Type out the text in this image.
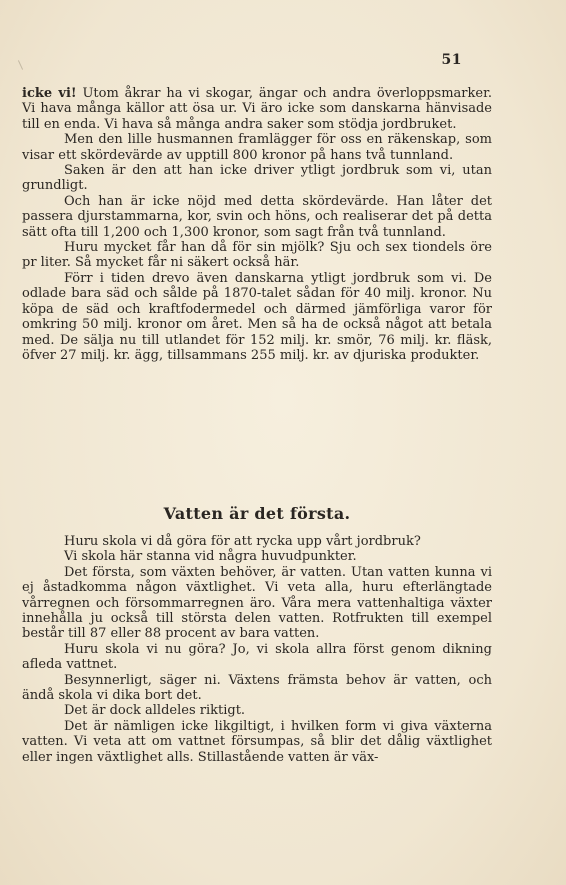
51

icke vi! Utom åkrar ha vi skogar, ängar och andra överloppsmarker. Vi hava många källor att ösa ur. Vi äro icke som danskarna hänvisade till en enda. Vi hava så många andra saker som stödja jordbruket.

Men den lille husmannen framlägger för oss en räkenskap, som visar ett skördevärde av upptill 800 kronor på hans två tunnland.

Saken är den att han icke driver ytligt jordbruk som vi, utan grundligt.

Och han är icke nöjd med detta skördevärde. Han låter det passera djurstammarna, kor, svin och höns, och realiserar det på detta sätt ofta till 1,200 och 1,300 kronor, som sagt från två tunnland.

Huru mycket får han då för sin mjölk? Sju och sex tiondels öre pr liter. Så mycket får ni säkert också här.

Förr i tiden drevo även danskarna ytligt jordbruk som vi. De odlade bara säd och sålde på 1870-talet sådan för 40 milj. kronor. Nu köpa de säd och kraftfodermedel och därmed jämförliga varor för omkring 50 milj. kronor om året. Men så ha de också något att betala med. De sälja nu till utlandet för 152 milj. kr. smör, 76 milj. kr. fläsk, öfver 27 milj. kr. ägg, tillsammans 255 milj. kr. av djuriska produkter.

Vatten är det första.

Huru skola vi då göra för att rycka upp vårt jordbruk?

Vi skola här stanna vid några huvudpunkter.

Det första, som växten behöver, är vatten. Utan vatten kunna vi ej åstadkomma någon växtlighet. Vi veta alla, huru efterlängtade vårregnen och försommarregnen äro. Våra mera vattenhaltiga växter innehålla ju också till största delen vatten. Rotfrukten till exempel består till 87 eller 88 procent av bara vatten.

Huru skola vi nu göra? Jo, vi skola allra först genom dikning afleda vattnet.

Besynnerligt, säger ni. Växtens främsta behov är vatten, och ändå skola vi dika bort det.

Det är dock alldeles riktigt.

Det är nämligen icke likgiltigt, i hvilken form vi giva växterna vatten. Vi veta att om vattnet försumpas, så blir det dålig växtlighet eller ingen växtlighet alls. Stillastående vatten är väx-
